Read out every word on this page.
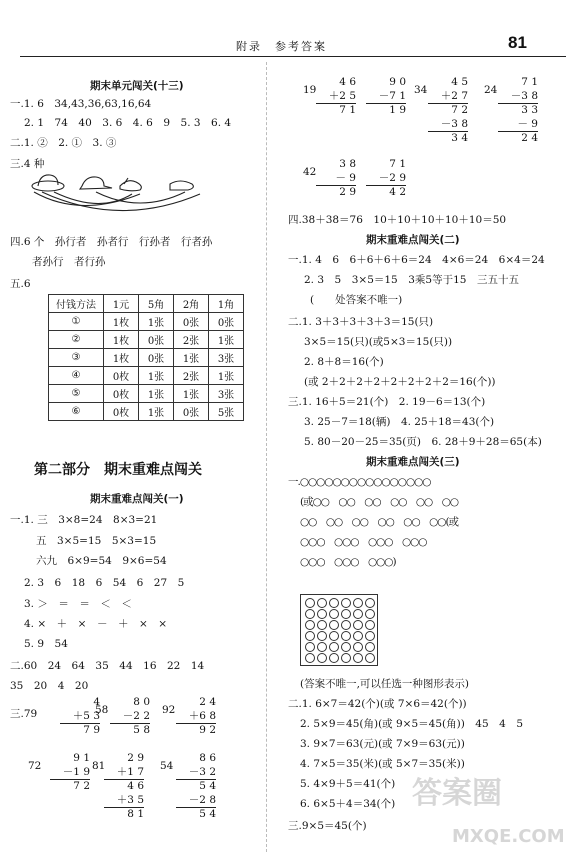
附录　参考答案	81
期末单元闯关(十三)
一.1. 6　34,43,36,63,16,64
2. 1　74　40　3. 6　4. 6　9　5. 3　6. 4
二.1. ②　2. ①　3. ③
三.4 种
四.6 个　孙行者　孙者行　行孙者　行者孙
者孙行　者行孙
五.6
付钱方法	1元	5角	2角	1角
①	1枚	1张	0张	0张
②	1枚	0张	2张	1张
③	1枚	0张	1张	3张
④	0枚	1张	2张	1张
⑤	0枚	1张	1张	3张
⑥	0枚	1张	0张	5张
第二部分　期末重难点闯关
期末重难点闯关(一)
一.1. 三　3×8=24　8×3=21
五　3×5=15　5×3=15
六九　6×9=54　9×6=54
2. 3　6　18　6　54　6　27　5
3. ＞　＝　＝　＜　＜
4. ×　＋　×　－　＋　×　×
5. 9　54
二.60　24　64　35　44　16　22　14
35　20　4　20
三.79
4
＋5 3
7 9
58
8 0
－2 2
5 8
92
2 4
＋6 8
9 2
72
9 1
－1 9
7 2
81
2 9
＋1 7
4 6
＋3 5
8 1
54
8 6
－3 2
5 4
－2 8
5 4
19
4 6
＋2 5
7 1
9 0
－7 1
1 9
34
4 5
＋2 7
7 2
－3 8
3 4
24
7 1
－3 8
3 3
－ 9
2 4
42
3 8
－ 9
2 9
7 1
－2 9
4 2
四.38＋38＝76　10＋10＋10＋10＋10＝50
期末重难点闯关(二)
一.1. 4　6　6＋6＋6＋6＝24　4×6＝24　6×4＝24
2. 3　5　3×5＝15　3乘5等于15　三五十五
(　　处答案不唯一)
二.1. 3＋3＋3＋3＋3＝15(只)
3×5＝15(只)(或5×3＝15(只))
2. 8＋8＝16(个)
(或 2＋2＋2＋2＋2＋2＋2＋2＝16(个))
三.1. 16＋5＝21(个)　2. 19－6＝13(个)
3. 25－7＝18(辆)　4. 25＋18＝43(个)
5. 80－20－25＝35(页)　6. 28＋9＋28＝65(本)
期末重难点闯关(三)
一.○○○○○○○○○○○○○○○○
(或○○　○○　○○　○○　○○　○○
○○　○○　○○　○○　○○　○○(或
○○○　○○○　○○○　○○○
○○○　○○○　○○○)
(答案不唯一,可以任选一种图形表示)
二.1. 6×7＝42(个)(或 7×6＝42(个))
2. 5×9＝45(角)(或 9×5＝45(角))　45　4　5
3. 9×7＝63(元)(或 7×9＝63(元))
4. 7×5＝35(米)(或 5×7＝35(米))
5. 4×9＋5＝41(个)
6. 6×5＋4＝34(个)
三.9×5＝45(个)
答案圈
MXQE.COM
